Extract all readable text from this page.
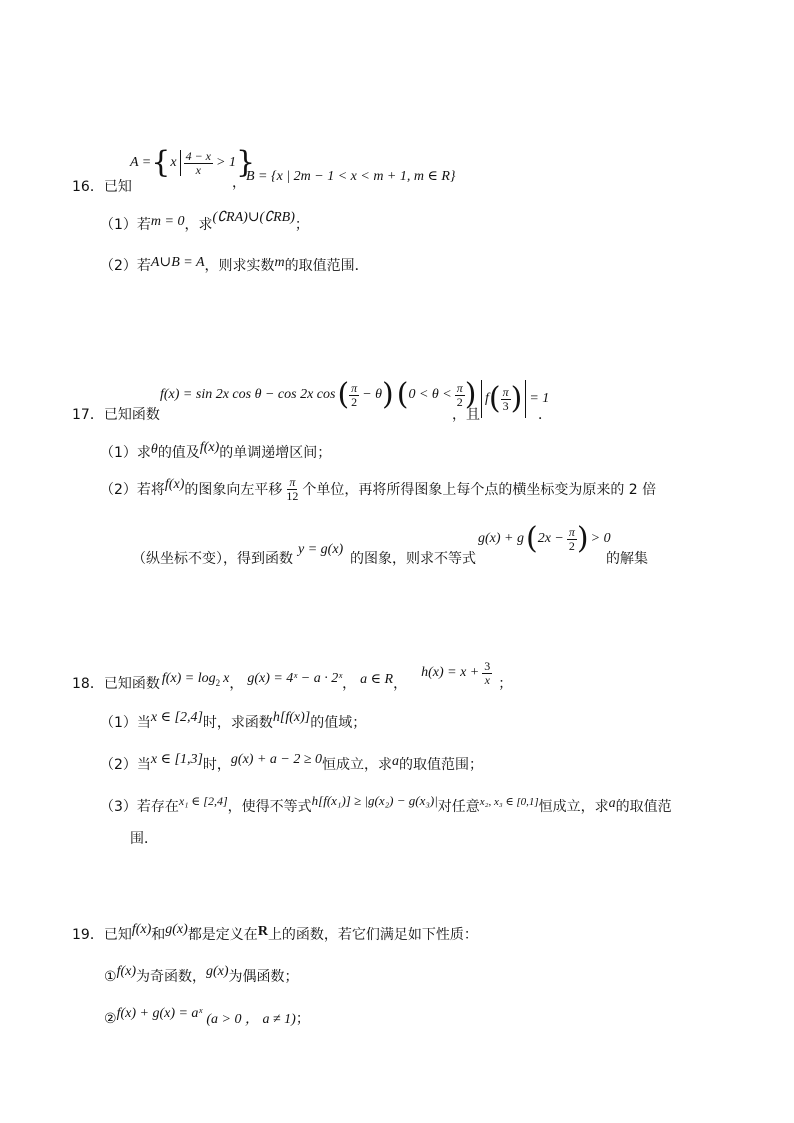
16．已知
A = { x $\frac{4 - x}{x} > 1$ }
， B = {x | 2m − 1 < x < m + 1, m ∈ R}
（1）若m = 0，求(∁RA)∪(∁RB)；
（2）若A∪B = A，则求实数m的取值范围．
17．已知函数
f(x) = sin 2x cos θ − cos 2x cos ( $\frac{\pi}{2} - \theta$ ) ( $0 < \theta < \frac{\pi}{2}$ )
，且
f ( $\frac{\pi}{3}$ ) = 1
．
（1）求θ的值及f(x)的单调递增区间；
（2）若将 f(x) 的图象向左平移 $\frac{\pi}{12}$ 个单位，再将所得图象上每个点的横坐标变为原来的 2 倍
（纵坐标不变），得到函数
y = g(x)
的图象，则求不等式
g(x) + g ( $2x - \frac{\pi}{2}$ ) > 0
的解集
18．已知函数 $f(x) = \log_2 x$ ， g(x) = 4ˣ − a · 2ˣ ， a ∈ R ，
$h(x) = x + \frac{3}{x}$ ；
（1）当x ∈ [2,4]时，求函数h[f(x)]的值域；
（2）当x ∈ [1,3]时，g(x) + a − 2 ≥ 0恒成立，求a的取值范围；
（3）若存在x₁ ∈ [2,4]，使得不等式h[f(x₁)] ≥ |g(x₂) − g(x₃)|对任意$^{x_2, x_3 \in [0,1]}$恒成立，求a的取值范
围．
19．已知f(x)和g(x)都是定义在R上的函数，若它们满足如下性质：
①f(x)为奇函数，g(x)为偶函数；
②f(x) + g(x) = aˣ (a > 0 ， a ≠ 1)；
